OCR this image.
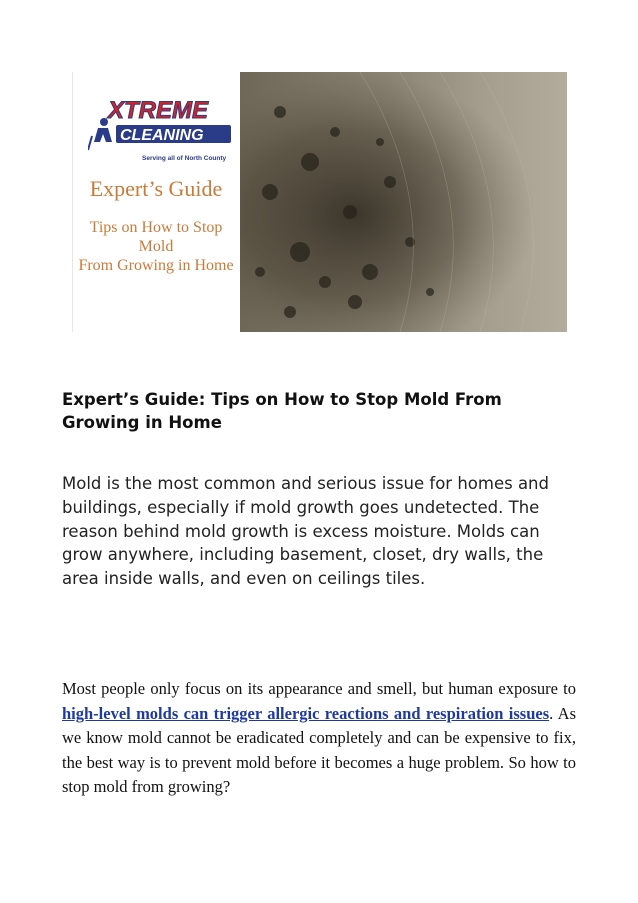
XTREME
CLEANING
Serving all of North County
Expert’s Guide
Tips on How to Stop Mold
From Growing in Home
Expert’s Guide: Tips on How to Stop Mold From Growing in Home
Mold is the most common and serious issue for homes and buildings, especially if mold growth goes undetected. The reason behind mold growth is excess moisture. Molds can grow anywhere, including basement, closet, dry walls, the area inside walls, and even on ceilings tiles.
Most people only focus on its appearance and smell, but human exposure to high-level molds can trigger allergic reactions and respiration issues. As we know mold cannot be eradicated completely and can be expensive to fix, the best way is to prevent mold before it becomes a huge problem. So how to stop mold from growing?
